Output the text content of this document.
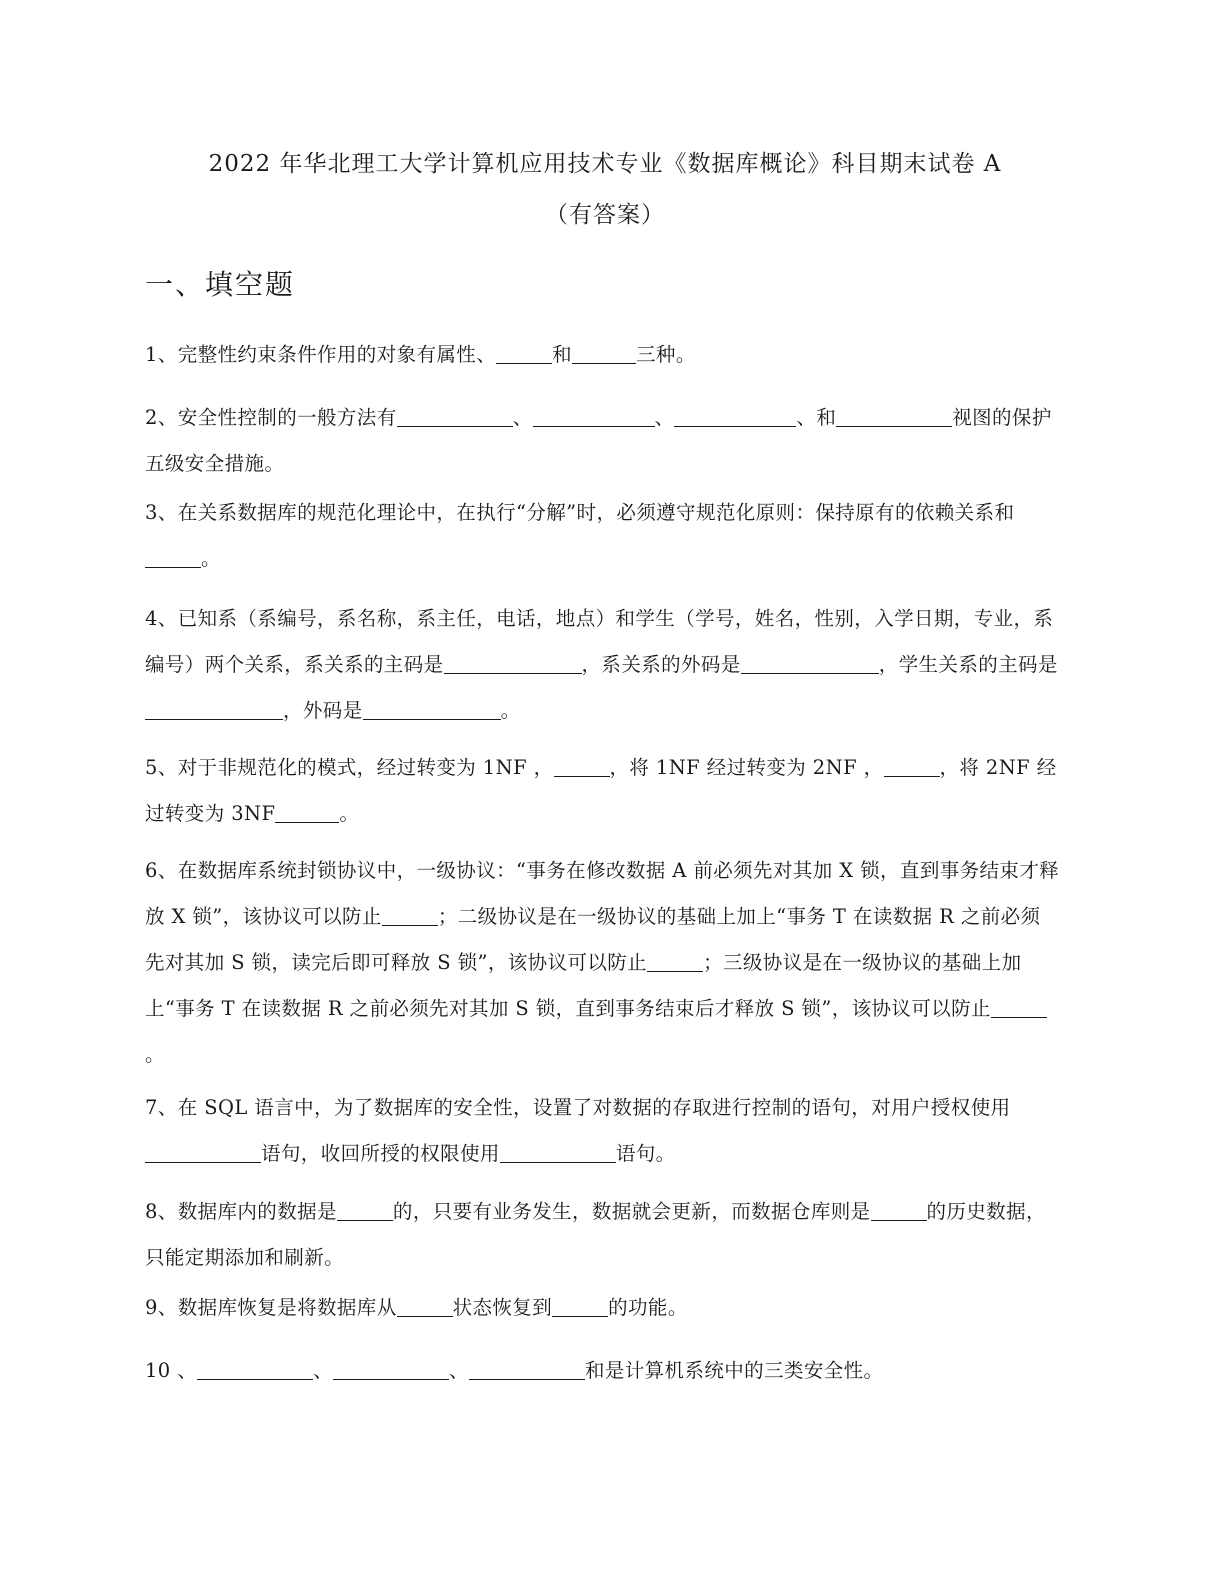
2022 年华北理工大学计算机应用技术专业《数据库概论》科目期末试卷 A
（有答案）
一、填空题
1、完整性约束条件作用的对象有属性、	和	三种。
2、安全性控制的一般方法有	、	、	、和	视图的保护五级安全措施。
3、在关系数据库的规范化理论中，在执行“分解”时，必须遵守规范化原则：保持原有的依赖关系和。
4、已知系（系编号，系名称，系主任，电话，地点）和学生（学号，姓名，性别，入学日期，专业，系编号）两个关系，系关系的主码是	，系关系的外码是	，学生关系的主码是，外码是	。
5、对于非规范化的模式，经过转变为 1NF ，	，将 1NF 经过转变为 2NF ，	，将 2NF 经过转变为 3NF	。
6、在数据库系统封锁协议中，一级协议：“事务在修改数据 A 前必须先对其加 X 锁，直到事务结束才释放 X 锁”，该协议可以防止	；二级协议是在一级协议的基础上加上“事务 T 在读数据 R 之前必须先对其加 S 锁，读完后即可释放 S 锁”，该协议可以防止	；三级协议是在一级协议的基础上加上“事务 T 在读数据 R 之前必须先对其加 S 锁，直到事务结束后才释放 S 锁”，该协议可以防止。
7、在 SQL 语言中，为了数据库的安全性，设置了对数据的存取进行控制的语句，对用户授权使用语句，收回所授的权限使用	语句。
8、数据库内的数据是	的，只要有业务发生，数据就会更新，而数据仓库则是	的历史数据，只能定期添加和刷新。
9、数据库恢复是将数据库从	状态恢复到	的功能。
10 、	、	、	和是计算机系统中的三类安全性。
